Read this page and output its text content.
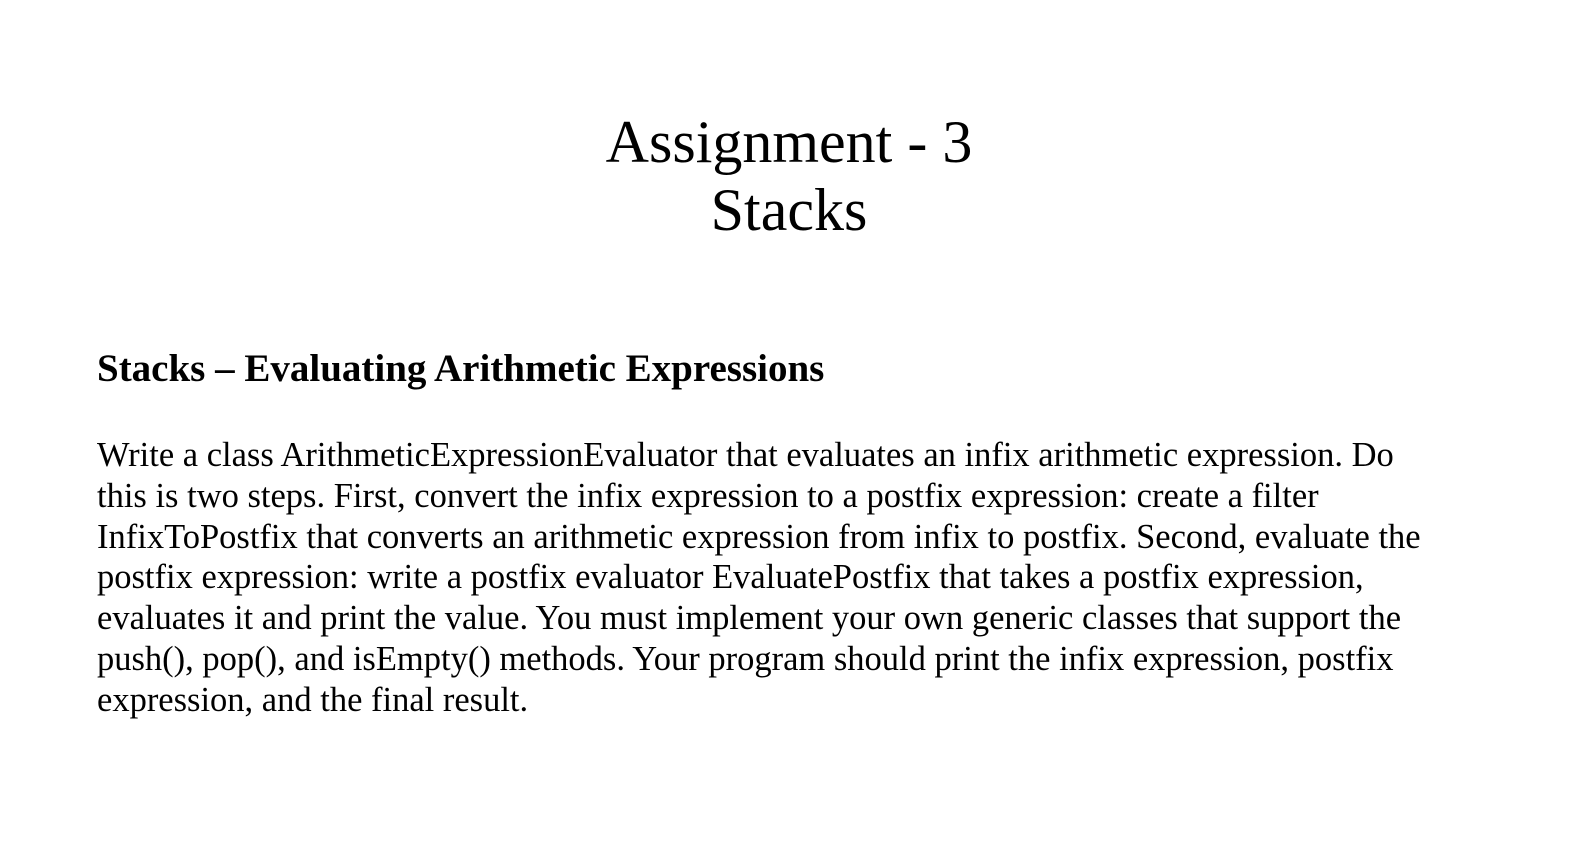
Assignment - 3
Stacks
Stacks – Evaluating Arithmetic Expressions
Write a class ArithmeticExpressionEvaluator that evaluates an infix arithmetic expression. Do
this is two steps. First, convert the infix expression to a postfix expression: create a filter
InfixToPostfix that converts an arithmetic expression from infix to postfix. Second, evaluate the
postfix expression: write a postfix evaluator EvaluatePostfix that takes a postfix expression,
evaluates it and print the value. You must implement your own generic classes that support the
push(), pop(), and isEmpty() methods. Your program should print the infix expression, postfix
expression, and the final result.
